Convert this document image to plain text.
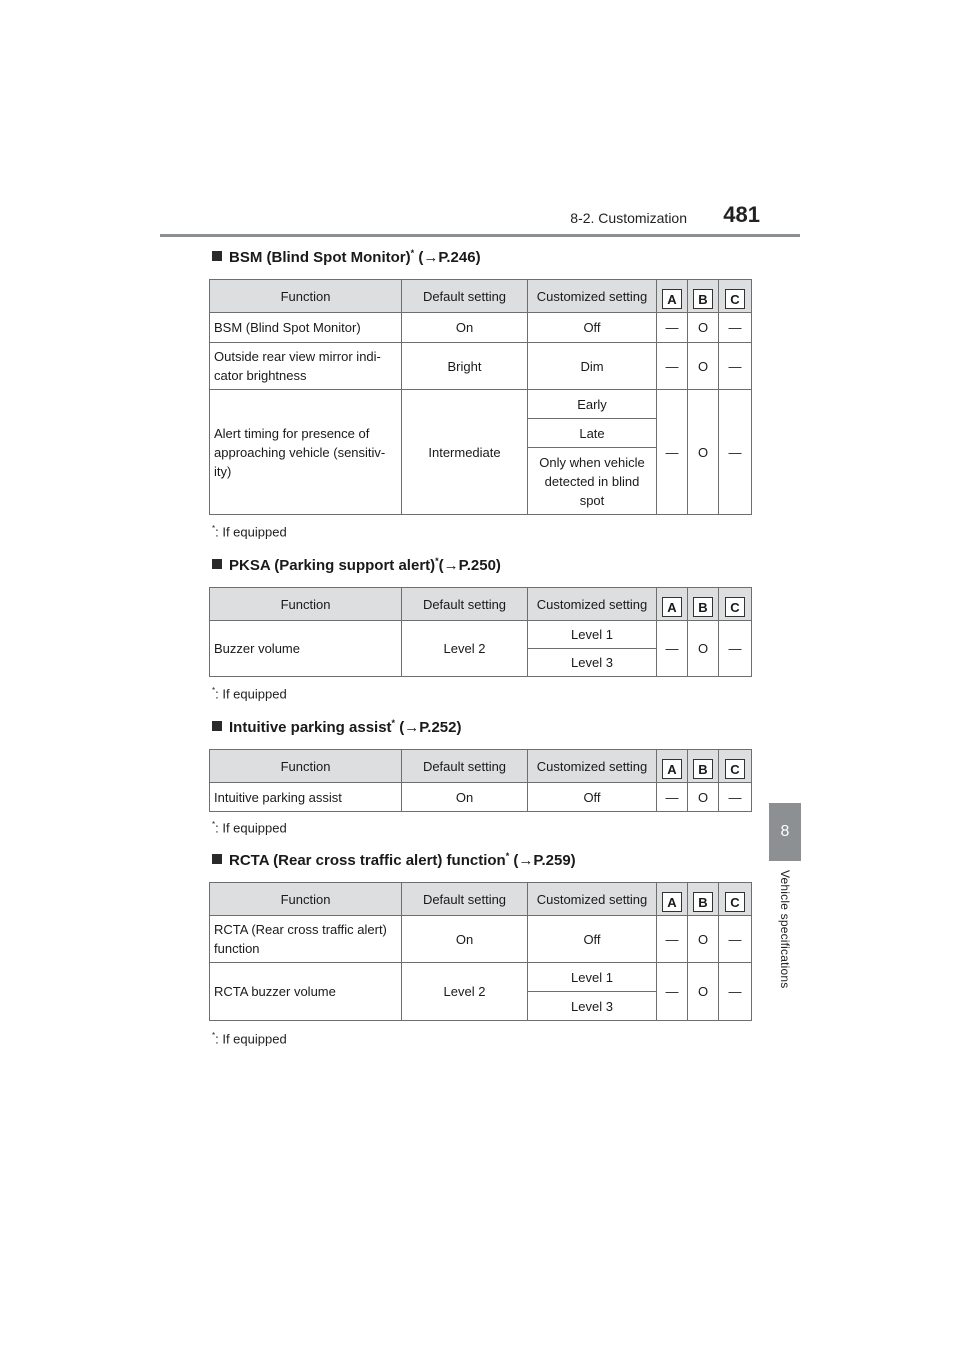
8-2. Customization 481
8
Vehicle specifications
BSM (Blind Spot Monitor)* (→P.246)
Function	Default setting	Customized setting	A	B	C
BSM (Blind Spot Monitor)	On	Off	—	O	—
Outside rear view mirror indi-cator brightness	Bright	Dim	—	O	—
Alert timing for presence of approaching vehicle (sensitiv-ity)	Intermediate	Early	—	O	—
		Late			
		Only when vehicle detected in blind spot			
*: If equipped
PKSA (Parking support alert)*(→P.250)
Function	Default setting	Customized setting	A	B	C
Buzzer volume	Level 2	Level 1	—	O	—
		Level 3			
*: If equipped
Intuitive parking assist* (→P.252)
Function	Default setting	Customized setting	A	B	C
Intuitive parking assist	On	Off	—	O	—
*: If equipped
RCTA (Rear cross traffic alert) function* (→P.259)
Function	Default setting	Customized setting	A	B	C
RCTA (Rear cross traffic alert) function	On	Off	—	O	—
RCTA buzzer volume	Level 2	Level 1	—	O	—
		Level 3			
*: If equipped
